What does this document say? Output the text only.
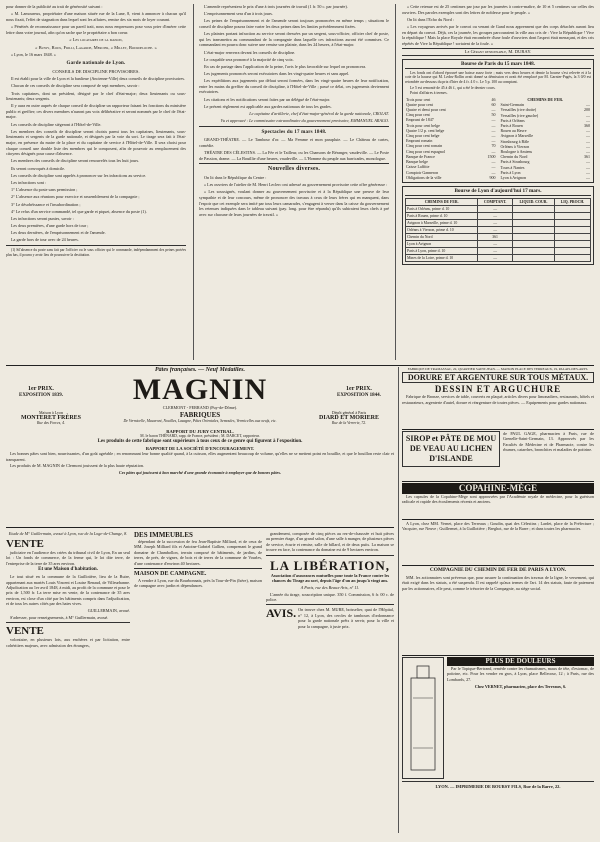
pour donner de la publicité au trait de générosité suivant :

« M. Lamoureux, propriétaire d'une maison située rue de la Lune, 8, vient à annoncer à chacun qu'il nous fixait, l'effet de stagnation dans lequel sont les affaires, remise des six mois de loyer courant.

« Pénétrés de reconnaissance pour un pareil trait, nous nous empressons pour vous prier d'insérer cette lettre dans votre journal, afin qu'on sache que le propriétaire a bon coeur.

« Les locataires de la maison,

« Bussy, Roux, Frilli, Lagarde, Mercier, « Millet, Bourdeloche. »

« Lyon, le 16 mars 1848. »

Garde nationale de Lyon.

CONSEILS DE DISCIPLINE PROVISOIRES.

Il est établi pour la ville de Lyon et la banlieue (Ancienne-Ville) deux conseils de discipline provisoires.

Chacun de ces conseils de discipline sera composé de sept membres, savoir :

Trois capitaines, dont un président, désigné par le chef d'état-major; deux lieutenants ou sous-lieutenants; deux sergents.

Il y aura en outre auprès de chaque conseil de discipline un rapporteur faisant les fonctions du ministère public et greffier; ces divers membres n'auront pas voix délibérative et seront nommés par le chef de l'état-major.

Les conseils de discipline siégeront à l'Hôtel-de-Ville.

Les membres des conseils de discipline seront choisis parmi tous les capitaines, lieutenants, sous-lieutenants et sergents de la garde nationale, et désignés par la voie du sort. Le tirage sera fait à l'état-major, en présence du maire de la place et du capitaine de service à l'Hôtel-de-Ville. Il sera choisi pour chaque conseil une double liste des membres qui le composent, afin de pourvoir au remplacement des citoyens désignés pour cause d'absence.

Les membres des conseils de discipline seront renouvelés tous les huit jours.

Ils seront convoqués à domicile.

Les conseils de discipline sont appelés à prononcer sur les infractions au service.

Les infractions sont :

1° L'absence du poste sans permission ;

2° L'absence aux réunions pour exercice et rassemblement de la compagnie ;

3° Le désobéissance et l'insubordination ;

4° Le refus d'un service commandé, tel que garde et piquet, absence du poste (1).

Les infractions seront punies, savoir :

Les deux premières, d'une garde hors de tour ;

Les deux dernières, de l'emprisonnement et de l'amende.

La garde hors de tour avec de 24 heures.

(1) Sil'absence du poste sans fait par l'officier ou le sous officier qui le commande, indépendamment des peines portées plus bas, il pourra y avoir lieu de poursuivre la destitution.

L'amende représentera le prix d'une à trois journées de travail (1 fr. 50 c. par journée).

L'emprisonnement sera d'un à trois jours.

Les peines de l'emprisonnement et de l'amende seront toujours prononcées en même temps ; situations le conseil de discipline pourra faire varier les deux peines dans les limites précédemment fixées.

Les plaintes portant infraction au service seront dressées par un sergent, sous-officier, officier chef de poste, qui les transmettra au commandant de la compagnie dans laquelle ces infractions auront été commises. Ce commandant en pourra donc suivre une remise son plainte, dans les 24 heures, à l'état-major.

L'état-major renverra devant les conseils de discipline.

Le coupable sera prononcé à la majorité de cinq voix.

En cas de partage dans l'application de la peine, l'avis le plus favorable sur lequel on prononcera.

Les jugements prononcés seront exécutoires dans les vingt-quatre heures et sans appel.

Les expéditions aux jugements par défaut seront formées, dans les vingt-quatre heures de leur notification, entre les mains du greffier du conseil de discipline, à l'Hôtel-de-Ville ; passé ce délai, ces jugements deviennent exécutoires.

Les citations et les notifications seront faites par un délégué de l'état-major.

Le présent règlement est applicable aux gardes nationaux de tous les grades.

Le capitaine d'artillerie, chef d'état-major-général de la garde nationale, CROLAT.

Vu et approuvé : Le commissaire extraordinaire du gouvernement provisoire, EMMANUEL ARAGO.

Spectacles du 17 mars 1848.

GRAND-THÉATRE. — Le Tambour d'or. — Ma Femme et mon parapluie. — Le Château de cartes, comédie.

THÉATRE DES CÉLESTINS. — La Fée et le Tailleur, ou les Chansons de Béranger, vaudeville. — Le Poste de Passion, drame. — La Bouillie d'une heures, vaudeville. — L'Homme du peuple aux barricades, monologue.

Nouvelles diverses.

On lit dans le République du Centre :

« Les ouvriers de l'atelier de M. Henri Leclerc ont adressé au gouvernement provisoire cette offre généreuse :

« Les soussignés, voulant donner au gouvernement provisoire et à la République une preuve de leur sympathie et de leur concours, même de prononcer des travaux à ceux de leurs frères qui en manquent, dans l'espoir que cet exemple sera imité par tous leurs camarades, s'engagent à verser dans la caisse du gouvernement les retenues indiquées dans le tableau suivant (pay. long. pour être répandu) qu'ils subiraient leurs chefs à pré avec sur chacune de leurs journées de travail. »

« Cette retenue est de 25 centimes par jour par les journées à contre-maître, de 10 et 5 centimes sur celles des ouvriers. Des paroles exemples sont des lettres de noblesse pour le peuple. »

On lit dans l'Echo du Nord :

« Les voyageurs arrivés par le convoi ou venant de Gand nous apprennent que des corps détachés auront lieu en départ du convoi. Déjà, ces la journée, les groupes parcouraient la ville aux cris de : Vive la République ! Vive la république ! Mais la place Royale était encombrée d'une foule d'ouvriers dont l'aspect était menaçant, et des cris répétés de Vive la République ! sortaient de la foule. »

Le Gérant responsable, M. DURAY.

Bourse de Paris du 15 mars 1848.

Les fonds ont d'abord éprouvé une baisse assez forte ; mais vers deux heures et demie la bourse s'est relevée et à la cote de la hausse qui M. Ledru-Rollin avait donné sa démission et avait été remplacé par M. Garnier-Pagès, la 3 0/0 est retombée au-dessous du prix d'hier de 4 fr. 4 0 c. Le 5 p. 100 au comptant.

Le 5 est remonté de 45 à 46 f., qui a été le dernier cours.

Point d'affaires à termes.

Trois pour cent	46
Quatre pour cent	60
Quatre et demi pour cent	—
Cinq pour cent	50
Emprunt de 1847	—
Trois pour cent belge	—
Quatre 1/2 p. cent belge	—
Cinq pour cent belge	—
Emprunt romain	—
Cinq pour cent romain	70
Cinq pour cent espagnol	—
Banque de France	1500
Banque belge	—
Caisse Laffitte	—
Comptoir Ganneron	—
Obligations de la ville	900
CHEMINS DE FER.
Saint-Germain	—
Versailles (rive droite)	200
Versailles (rive gauche)	—
Paris à Orléans	—
Paris à Rouen	360
Rouen au Havre	—
Avignon à Marseille	—
Strasbourg à Bâle	—
Orléans à Vierzon	—
Boulogne à Amiens	—
Chemin du Nord	361
Paris à Strasbourg	—
Tours à Nantes	—
Paris à Lyon	—
Lyon à Avignon	—
Bourse de Lyon d'aujourd'hui 17 mars.
CHEMINS DE FER.	COMPTANT.	LIQUID. COUR.	LIQ. PROCH.
Paris à Orléans, prime d. 10	—		
Paris à Rouen, prime d. 10	—		
Avignon à Marseille, prime d. 10	—		
Orléans à Vierzon, prime d. 10	—		
Chemin du Nord	361		
Lyon à Avignon	—		
Paris à Lyon, prime d. 10	—		
Mines de la Loire, prime d. 10	—		
Pâtes françaises. — Neuf Médailles.
1er PRIX.
EXPOSITION 1839.	MAGNIN
CLERMONT - FERRAND (Puy-de-Dôme).
1er PRIX.
EXPOSITION 1844.
Maison à Lyon
MONTERET FRÈRES
Rue des Forces, 4.
FABRIQUES
De Vermicelle, Macaroni, Nouilles, Lazagne, Pâtes Orientales, Semoules, Vermicelles aux oeufs, etc.
Dépôt général à Paris
DIARD ET MORIERE
Rue de la Verrerie, 72.
RAPPORT DU JURY CENTRAL.
M. le baron THÉNARD, rapp. de France, président ; M. DARCET, rapporteur.
Les produits de cette fabrique sont supérieurs à tous ceux de ce genre qui figurent à l'exposition.
RAPPORT DE LA SOCIÉTÉ D'ENCOURAGEMENT.

Les bonnes pâtes sont bien, nourrissantes, d'un goût agréable ; en renommant leur bonne qualité quand, à la cuisson, elles augmentent beaucoup de volume, qu'elles ne se mettent point en bouillie, et que le bouillon reste clair et transparent.

Les produits de M. MAGNIN de Clermont jouissent de la plus haute réputation.

Ces pâtes qui jouissent à bon marché d'une grande économie à employer que de bonnes pâtes.

FABRIQUE DE TRAMASSAC, 22, QUARTIER SAINT-JEAN. — MAISON PLACE DES TERREAUX, 19, PALAIS-DES-ARTS.
DORURE ET ARGENTURE SUR TOUS MÉTAUX.
DESSIN ET ARGUCHURE

Fabrique de Bronze, services de table, couverts en plaqué, articles divers pour limonadiers, restaurants, hôtels et restaurateurs, argenterie d'autel, dorure et réargenture de toutes pièces. — Equipements pour gardes nationaux.

SIROP et PÂTE DE MOU DE VEAU AU LICHEN D'ISLANDE
de PAUL GAGE, pharmacien à Paris, rue de Grenelle-Saint-Germain, 13. Approuvés par les Facultés de Médecine et de Pharmacie, contre les rhumes, catarrhes, bronchites et maladies de poitrine.
COPAHINE-MÈGE

Les capsules de la Copahine-Mège sont approuvées par l'Académie royale de médecine, pour la guérison radicale et rapide des écoulements récents et anciens.

A Lyon, chez MM. Vernet, place des Terreaux ; Goudin, quai des Célestins ; Lardet, place de la Préfecture ; Vacquier, rue Neuve ; Guillermet, à la Guillotière ; Breghot, rue de la Barre ; et dans toutes les pharmacies.

Etude de M° Guillermain, avoué à Lyon, rue de la Loge-de-Change, 8.

VENTE

judiciaire en l'audience des criées du tribunal civil de Lyon, En un seul lot : Un fonds de commerce, de la ferme qui, le lot dite terre, de l'entreprise de la terre de 35 ares environ.

Et une Maison d'habitation.

Le tout situé en la commune de la Guillotière, lieu de la Buire, appartenant aux mariés Louis Vincent et Louise Renaud, de Villeurbanne. Adjudication au 1er avril 1848, à midi, au profit de la commune et pour le prix de 1,500 fr. La terre mise en vente, de la contenance de 35 ares environ, est close d'un côté par les bâtiments compris dans l'adjudication, et de tous les autres côtés par des haies vives.

GUILLERMAIN, avoué.

S'adresser, pour renseignements, à M° Guillermain, avoué.

VENTE

volontaire, en plusieurs lots, aux enchères et par licitation, entre cohéritiers majeurs, avec admission des étrangers,

DES IMMEUBLES

dépendant de la succession de feu Jean-Baptiste Milliard, et de ceux de MM. Joseph Milliard fils et Antoine-Gabriel Gallien, comprenant le grand domaine de Chambollon, terrain composé de bâtiments, de jardins, de terres, de prés, de vignes, de bois et de terres de la commune de Vourles, d'une contenance d'environ 40 hectares.

MAISON DE CAMPAGNE.

A vendre à Lyon, rue du Bourbonnais, près la Tour-de-Pin (Isère), maison de campagne avec jardin et dépendances.

grandement, composée de cinq pièces au rez-de-chaussée et huit pièces au premier étage, d'un grand salon, d'une salle à manger, de plusieurs pièces de service, écurie et remise, salle de billard, et de deux puits. La maison se trouve en face, la contenance du domaine est de 9 hectares environ.

LA LIBÉRATION,

Association d'assurances mutuelles pour toute la France contre les chances du Tirage au sort, depuis l'âge d'un an jusqu'à vingt ans.

A Paris, rue des Beaux-Arts, n° 11.

L'année du tirage, souscription unique. 350 f. Commission, 6 fr. 00 c. de police.

AVIS. On trouve chez M. MURE, boisselier, quai de l'Hôpital, n° 12, à Lyon, des cercles de tambours d'ordonnance pour la garde nationale prêts à servir, pour la ville et pour la campagne, à juste prix.

COMPAGNIE DU CHEMIN DE FER DE PARIS A LYON.

MM. les actionnaires sont prévenus que, pour assurer la continuation des travaux de la ligne, le versement, qui était exigé dans les statuts, a été suspendu. Il est rappelé qu'aux termes de l'art. 14 des statuts, faute de paiement par les actionnaires, elle peut, comme le trésorier de la Compagnie, au siège social.

PLUS DE DOULEURS

Par le Topique-Bertrand, remède contre les rhumatismes, maux de tête, d'estomac, de poitrine, etc. Pour les vendre en gros, à Lyon, place Bellecour, 12 ; à Paris, rue des Lombards, 27.

Chez VERNET, pharmacien, place des Terreaux, 6.

LYON. — IMPRIMERIE DE BOURSY FILS, Rue de la Barre, 22.
